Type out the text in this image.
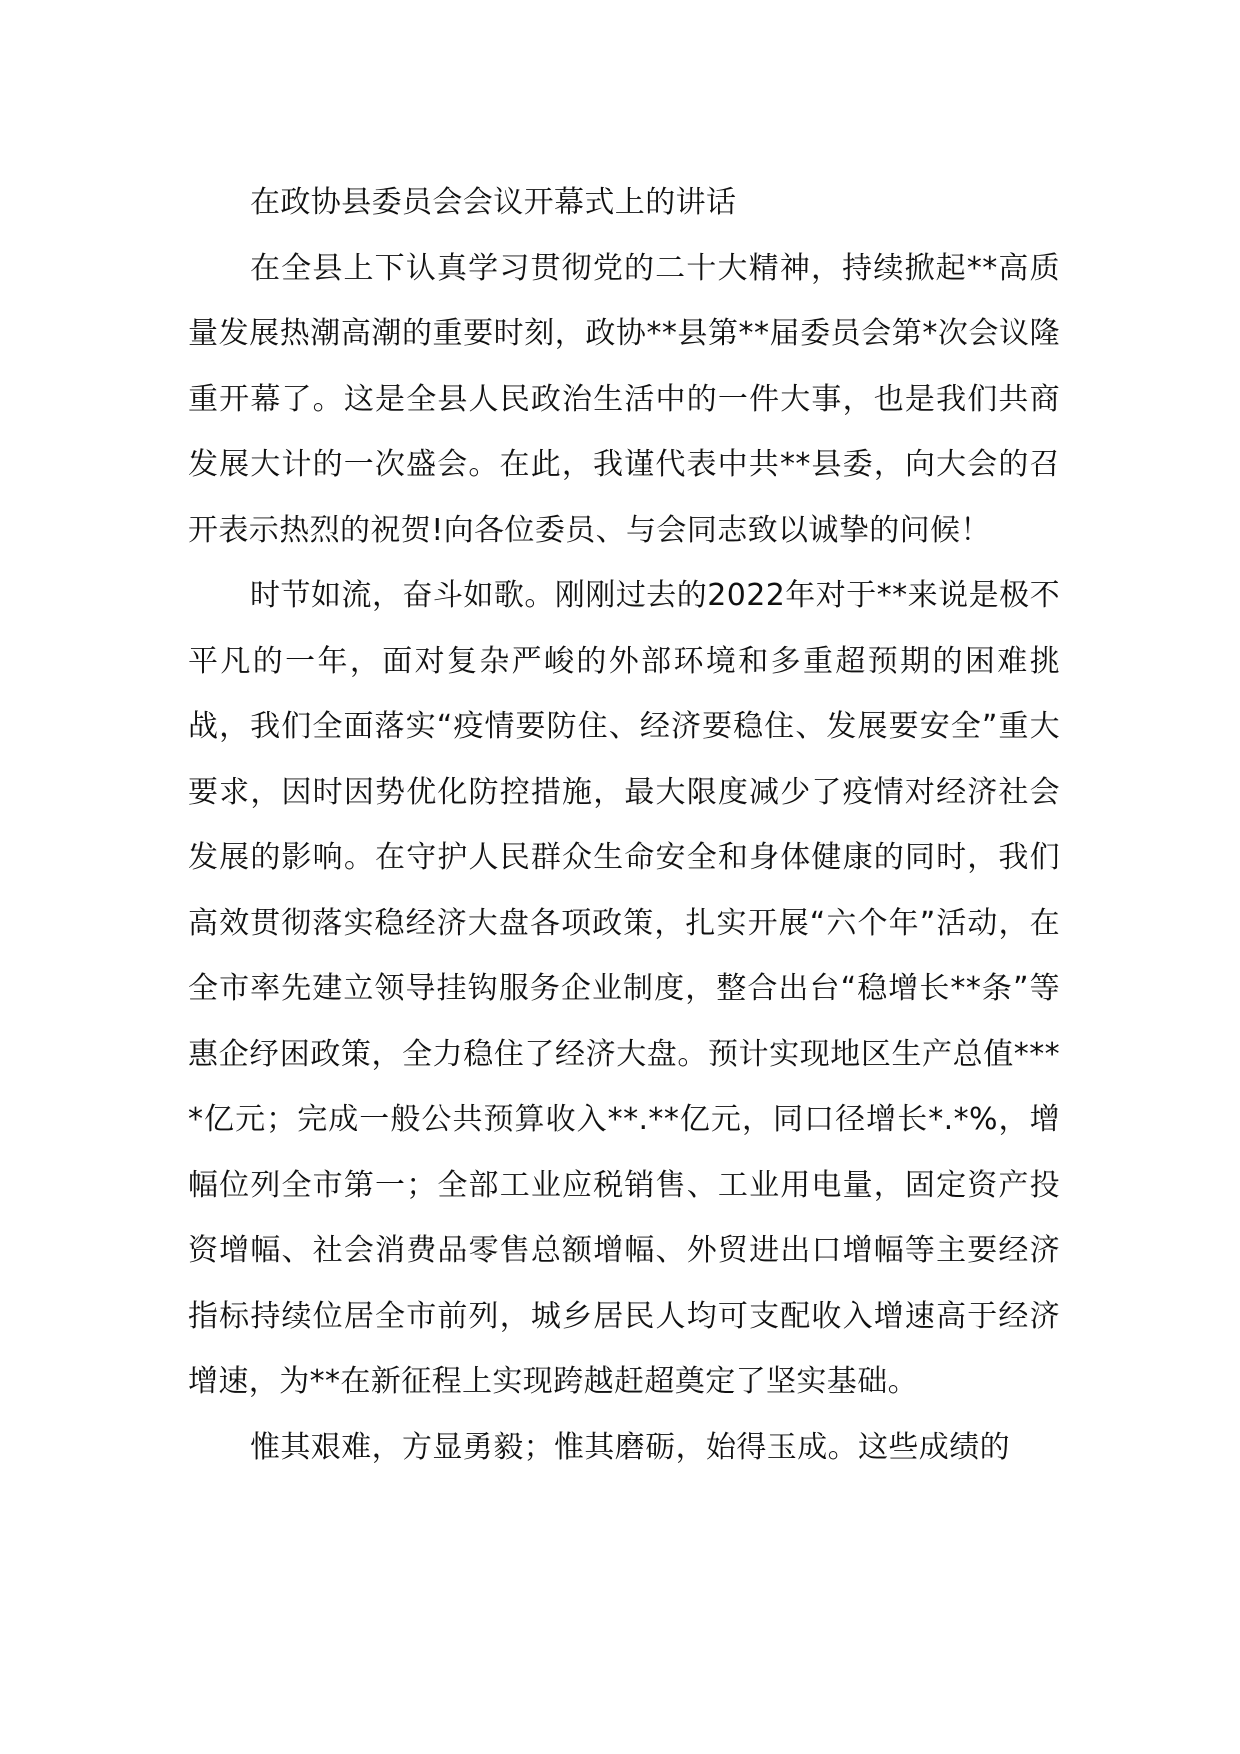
在政协县委员会会议开幕式上的讲话

在全县上下认真学习贯彻党的二十大精神，持续掀起**高质量发展热潮高潮的重要时刻，政协**县第**届委员会第*次会议隆重开幕了。这是全县人民政治生活中的一件大事，也是我们共商发展大计的一次盛会。在此，我谨代表中共**县委，向大会的召开表示热烈的祝贺!向各位委员、与会同志致以诚挚的问候！

时节如流，奋斗如歌。刚刚过去的2022年对于**来说是极不平凡的一年，面对复杂严峻的外部环境和多重超预期的困难挑战，我们全面落实“疫情要防住、经济要稳住、发展要安全”重大要求，因时因势优化防控措施，最大限度减少了疫情对经济社会发展的影响。在守护人民群众生命安全和身体健康的同时，我们高效贯彻落实稳经济大盘各项政策，扎实开展“六个年”活动，在全市率先建立领导挂钩服务企业制度，整合出台“稳增长**条”等惠企纾困政策，全力稳住了经济大盘。预计实现地区生产总值****亿元；完成一般公共预算收入**.**亿元，同口径增长*.*%，增幅位列全市第一；全部工业应税销售、工业用电量，固定资产投资增幅、社会消费品零售总额增幅、外贸进出口增幅等主要经济指标持续位居全市前列，城乡居民人均可支配收入增速高于经济增速，为**在新征程上实现跨越赶超奠定了坚实基础。

惟其艰难，方显勇毅；惟其磨砺，始得玉成。这些成绩的
